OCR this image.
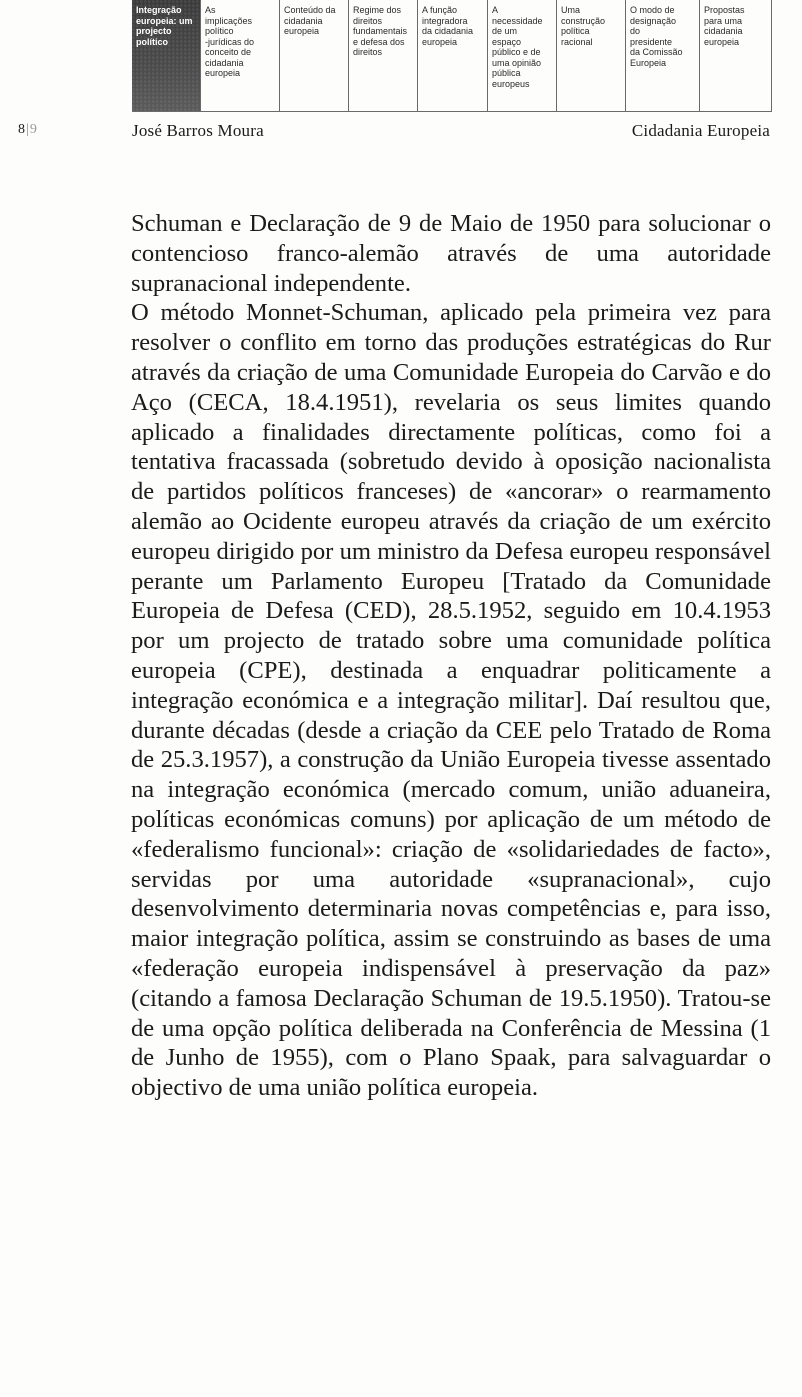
Integração
europeia: um
projecto
político
As
implicações
político
-jurídicas do
conceito de
cidadania
europeia
Conteúdo da
cidadania
europeia
Regime dos
direitos
fundamentais
e defesa dos
direitos
A função
integradora
da cidadania
europeia
A
necessidade
de um
espaço
público e de
uma opinião
pública
europeus
Uma
construção
política
racional
O modo de
designação
do
presidente
da Comissão
Europeia
Propostas
para uma
cidadania
europeia
8|9	José Barros Moura	Cidadania Europeia

Schuman e Declaração de 9 de Maio de 1950 para solucionar o contencioso franco-alemão através de uma autoridade supranacional independente.

O método Monnet-Schuman, aplicado pela primeira vez para resolver o conflito em torno das produções estratégicas do Rur através da criação de uma Comunidade Europeia do Carvão e do Aço (CECA, 18.4.1951), revelaria os seus limites quando aplicado a finalidades directamente políticas, como foi a tentativa fracassada (sobretudo devido à oposição nacionalista de partidos políticos franceses) de «ancorar» o rearmamento alemão ao Ocidente europeu através da criação de um exército europeu dirigido por um ministro da Defesa europeu responsável perante um Parlamento Europeu [Tratado da Comunidade Europeia de Defesa (CED), 28.5.1952, seguido em 10.4.1953 por um projecto de tratado sobre uma comunidade política europeia (CPE), destinada a enquadrar politicamente a integração económica e a integração militar]. Daí resultou que, durante décadas (desde a criação da CEE pelo Tratado de Roma de 25.3.1957), a construção da União Europeia tivesse assentado na integração económica (mercado comum, união aduaneira, políticas económicas comuns) por aplicação de um método de «federalismo funcional»: criação de «solidariedades de facto», servidas por uma autoridade «supranacional», cujo desenvolvimento determinaria novas competências e, para isso, maior integração política, assim se construindo as bases de uma «federação europeia indispensável à preservação da paz» (citando a famosa Declaração Schuman de 19.5.1950). Tratou-se de uma opção política deliberada na Conferência de Messina (1 de Junho de 1955), com o Plano Spaak, para salvaguardar o objectivo de uma união política europeia.
